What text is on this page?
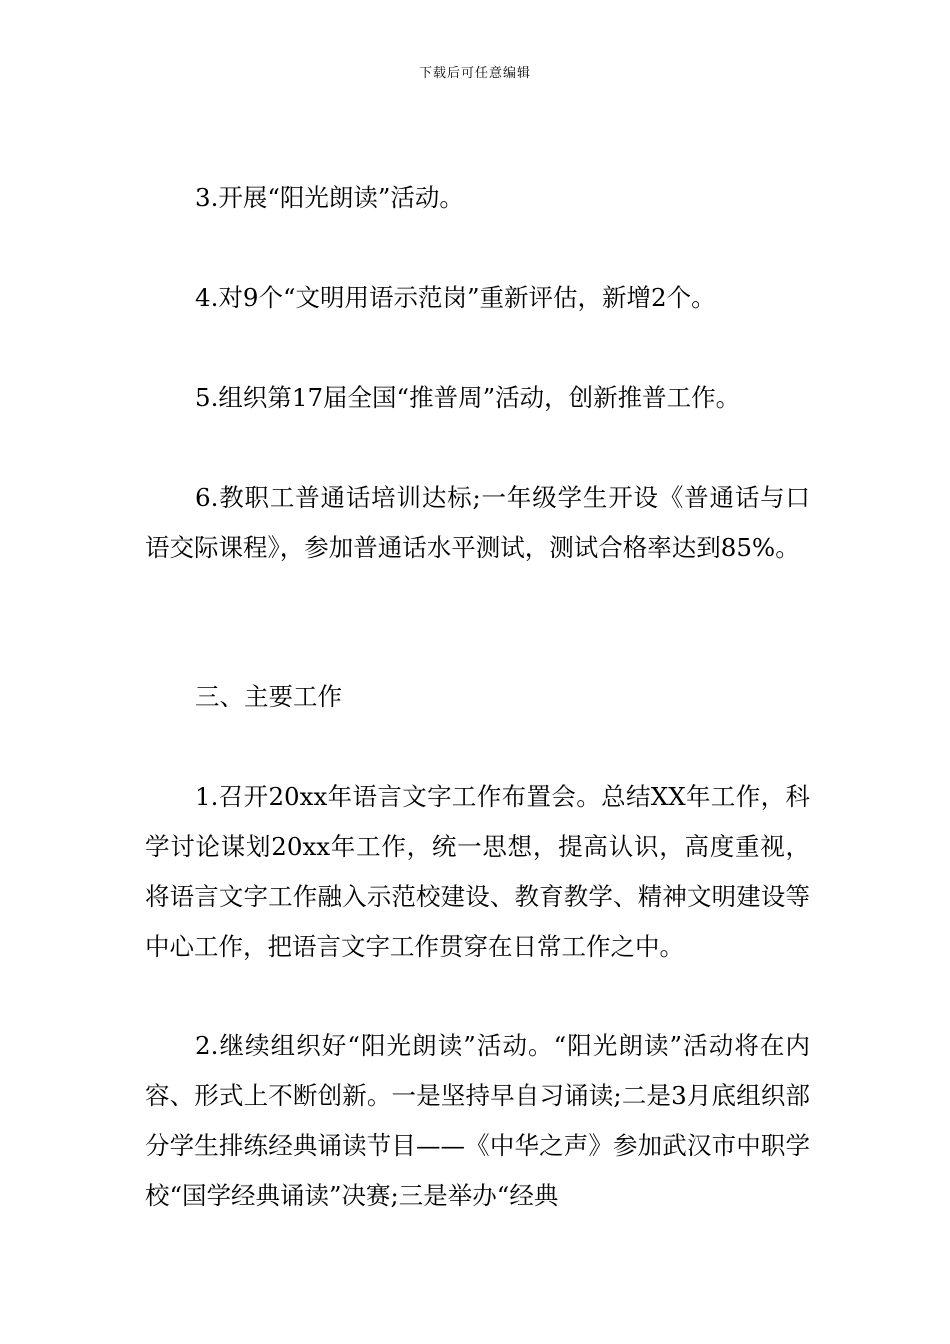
下载后可任意编辑

3.开展“阳光朗读”活动。

4.对9个“文明用语示范岗”重新评估，新增2个。

5.组织第17届全国“推普周”活动，创新推普工作。

6.教职工普通话培训达标;一年级学生开设《普通话与口语交际课程》，参加普通话水平测试，测试合格率达到85%。

三、主要工作

1.召开20xx年语言文字工作布置会。总结XX年工作，科学讨论谋划20xx年工作，统一思想，提高认识，高度重视，将语言文字工作融入示范校建设、教育教学、精神文明建设等中心工作，把语言文字工作贯穿在日常工作之中。

2.继续组织好“阳光朗读”活动。“阳光朗读”活动将在内容、形式上不断创新。一是坚持早自习诵读;二是3月底组织部分学生排练经典诵读节目——《中华之声》参加武汉市中职学校“国学经典诵读”决赛;三是举办“经典
